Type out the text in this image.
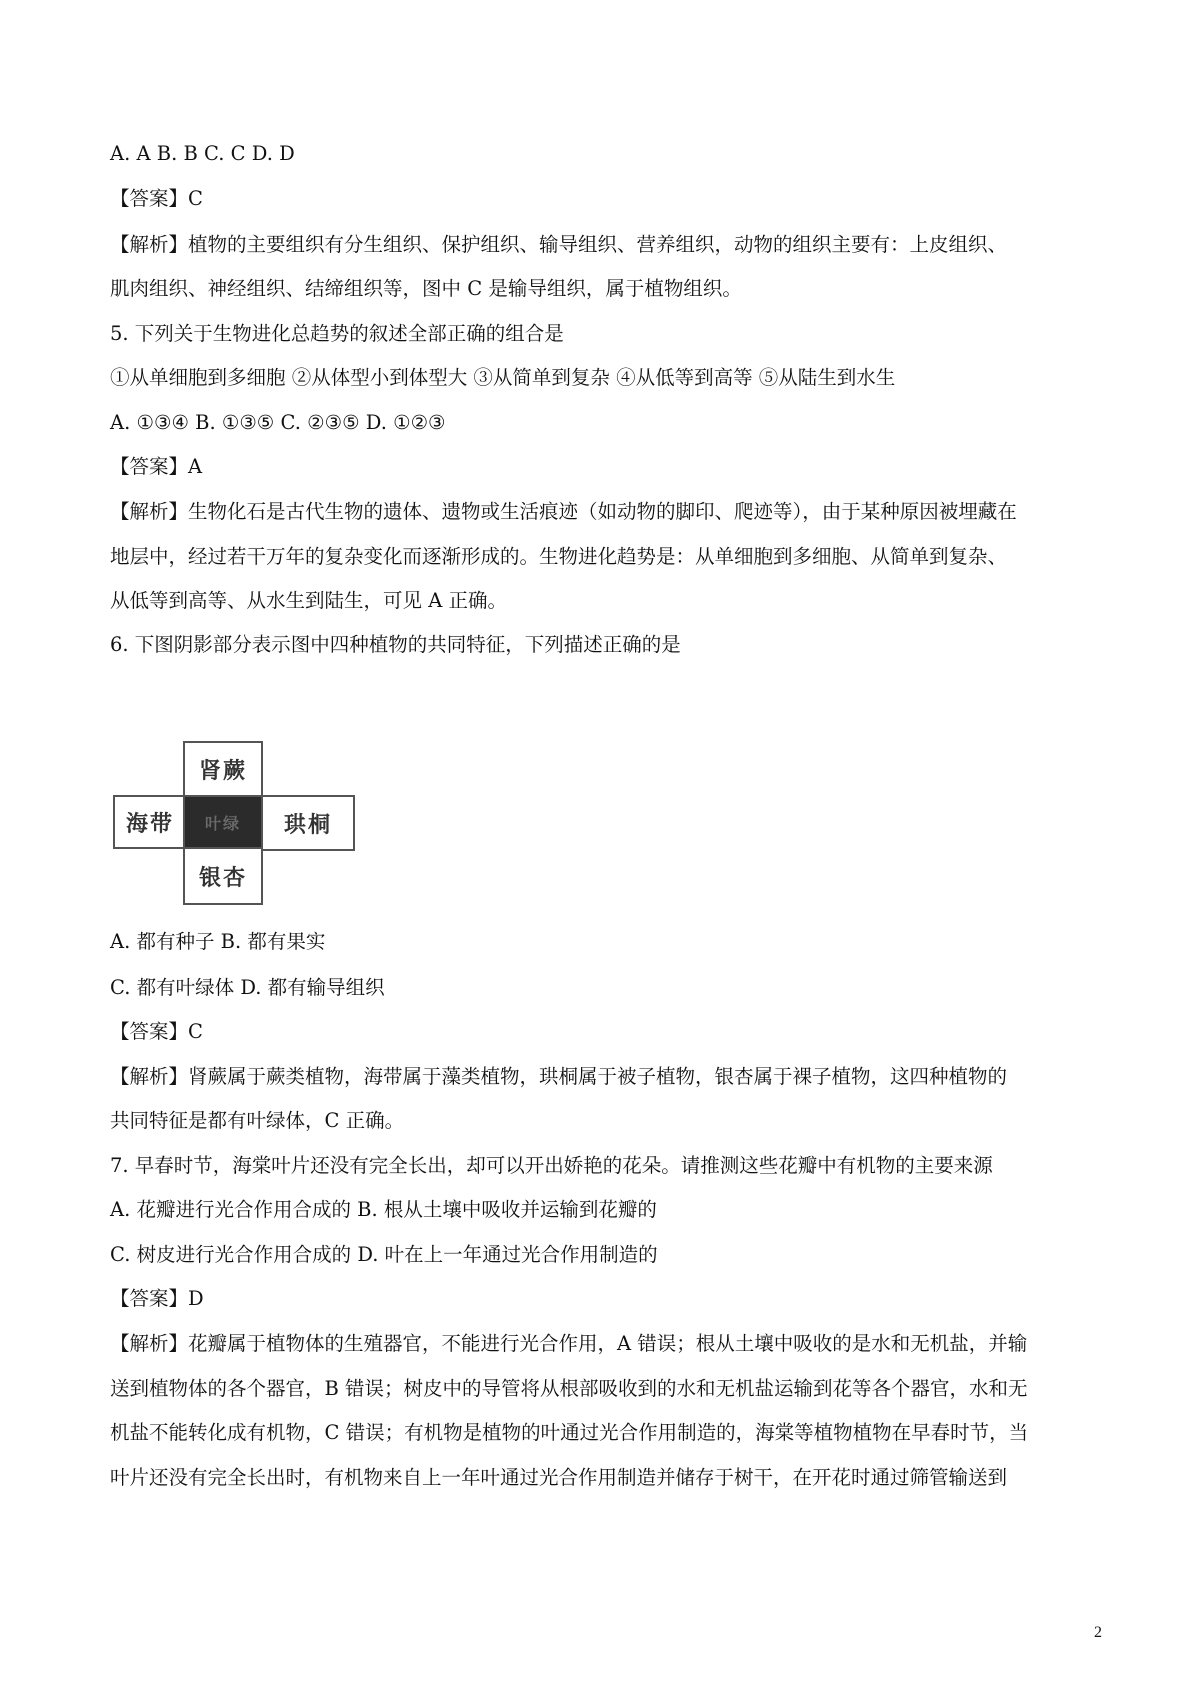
A. A B. B C. C D. D
【答案】C
【解析】植物的主要组织有分生组织、保护组织、输导组织、营养组织，动物的组织主要有：上皮组织、
肌肉组织、神经组织、结缔组织等，图中 C 是输导组织，属于植物组织。
5. 下列关于生物进化总趋势的叙述全部正确的组合是
①从单细胞到多细胞 ②从体型小到体型大 ③从简单到复杂 ④从低等到高等 ⑤从陆生到水生
A. ①③④ B. ①③⑤ C. ②③⑤ D. ①②③
【答案】A
【解析】生物化石是古代生物的遗体、遗物或生活痕迹（如动物的脚印、爬迹等），由于某种原因被埋藏在
地层中，经过若干万年的复杂变化而逐渐形成的。生物进化趋势是：从单细胞到多细胞、从简单到复杂、
从低等到高等、从水生到陆生，可见 A 正确。
6. 下图阴影部分表示图中四种植物的共同特征，下列描述正确的是
肾蕨
海带	叶绿	珙桐
银杏
A. 都有种子 B. 都有果实
C. 都有叶绿体 D. 都有输导组织
【答案】C
【解析】肾蕨属于蕨类植物，海带属于藻类植物，珙桐属于被子植物，银杏属于裸子植物，这四种植物的
共同特征是都有叶绿体，C 正确。
7. 早春时节，海棠叶片还没有完全长出，却可以开出娇艳的花朵。请推测这些花瓣中有机物的主要来源
A. 花瓣进行光合作用合成的 B. 根从土壤中吸收并运输到花瓣的
C. 树皮进行光合作用合成的 D. 叶在上一年通过光合作用制造的
【答案】D
【解析】花瓣属于植物体的生殖器官，不能进行光合作用，A 错误；根从土壤中吸收的是水和无机盐，并输
送到植物体的各个器官，B 错误；树皮中的导管将从根部吸收到的水和无机盐运输到花等各个器官，水和无
机盐不能转化成有机物，C 错误；有机物是植物的叶通过光合作用制造的，海棠等植物植物在早春时节，当
叶片还没有完全长出时，有机物来自上一年叶通过光合作用制造并储存于树干，在开花时通过筛管输送到
2
